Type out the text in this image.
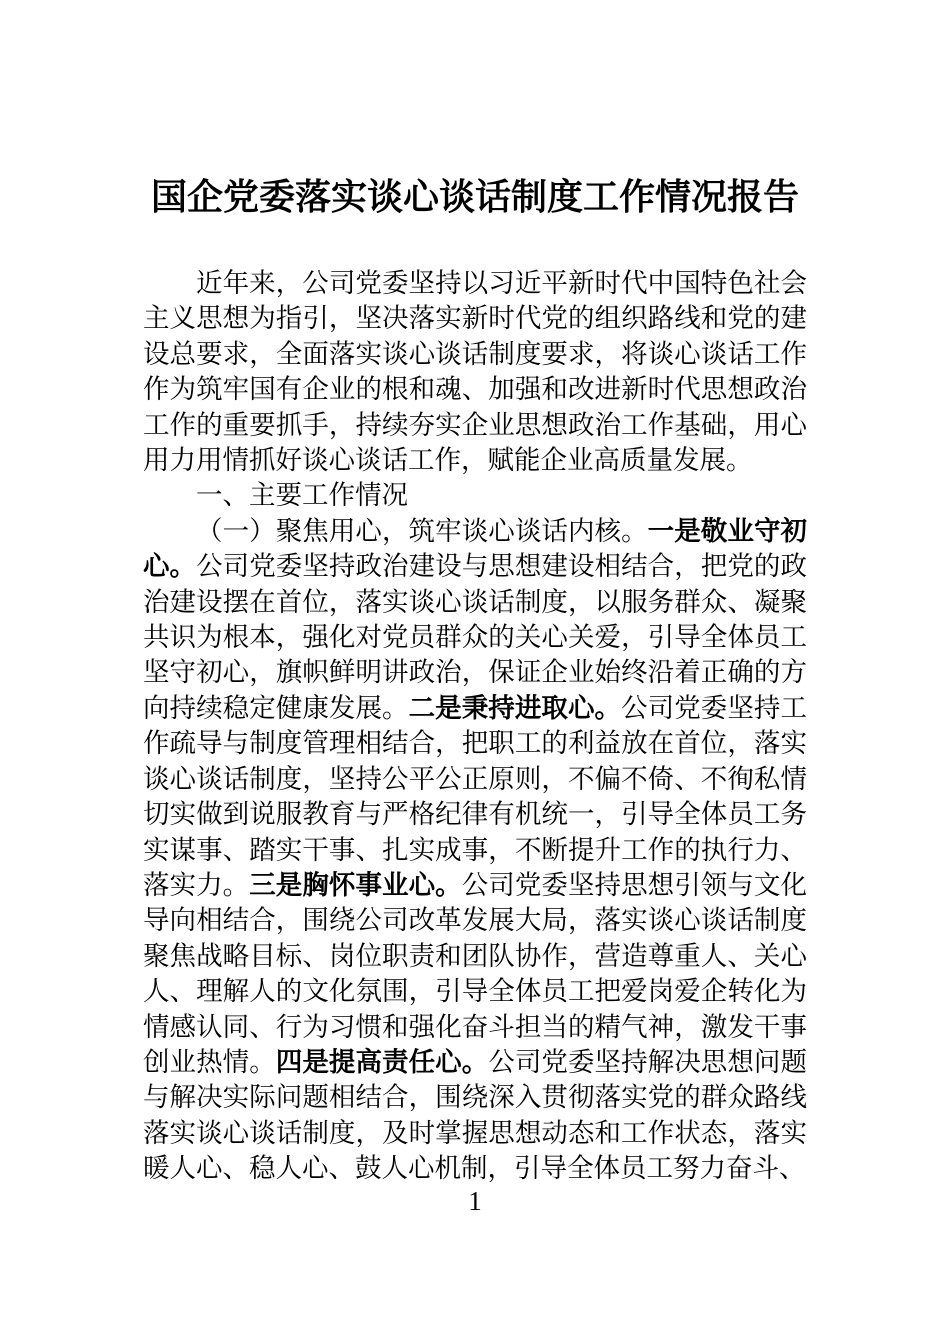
国企党委落实谈心谈话制度工作情况报告

近年来，公司党委坚持以习近平新时代中国特色社会主义思想为指引，坚决落实新时代党的组织路线和党的建设总要求，全面落实谈心谈话制度要求，将谈心谈话工作作为筑牢国有企业的根和魂、加强和改进新时代思想政治工作的重要抓手，持续夯实企业思想政治工作基础，用心用力用情抓好谈心谈话工作，赋能企业高质量发展。

一、主要工作情况

（一）聚焦用心，筑牢谈心谈话内核。一是敬业守初心。公司党委坚持政治建设与思想建设相结合，把党的政治建设摆在首位，落实谈心谈话制度，以服务群众、凝聚共识为根本，强化对党员群众的关心关爱，引导全体员工坚守初心，旗帜鲜明讲政治，保证企业始终沿着正确的方向持续稳定健康发展。二是秉持进取心。公司党委坚持工作疏导与制度管理相结合，把职工的利益放在首位，落实谈心谈话制度，坚持公平公正原则，不偏不倚、不徇私情切实做到说服教育与严格纪律有机统一，引导全体员工务实谋事、踏实干事、扎实成事，不断提升工作的执行力、落实力。三是胸怀事业心。公司党委坚持思想引领与文化导向相结合，围绕公司改革发展大局，落实谈心谈话制度聚焦战略目标、岗位职责和团队协作，营造尊重人、关心人、理解人的文化氛围，引导全体员工把爱岗爱企转化为情感认同、行为习惯和强化奋斗担当的精气神，激发干事创业热情。四是提高责任心。公司党委坚持解决思想问题与解决实际问题相结合，围绕深入贯彻落实党的群众路线落实谈心谈话制度，及时掌握思想动态和工作状态，落实暖人心、稳人心、鼓人心机制，引导全体员工努力奋斗、

1
